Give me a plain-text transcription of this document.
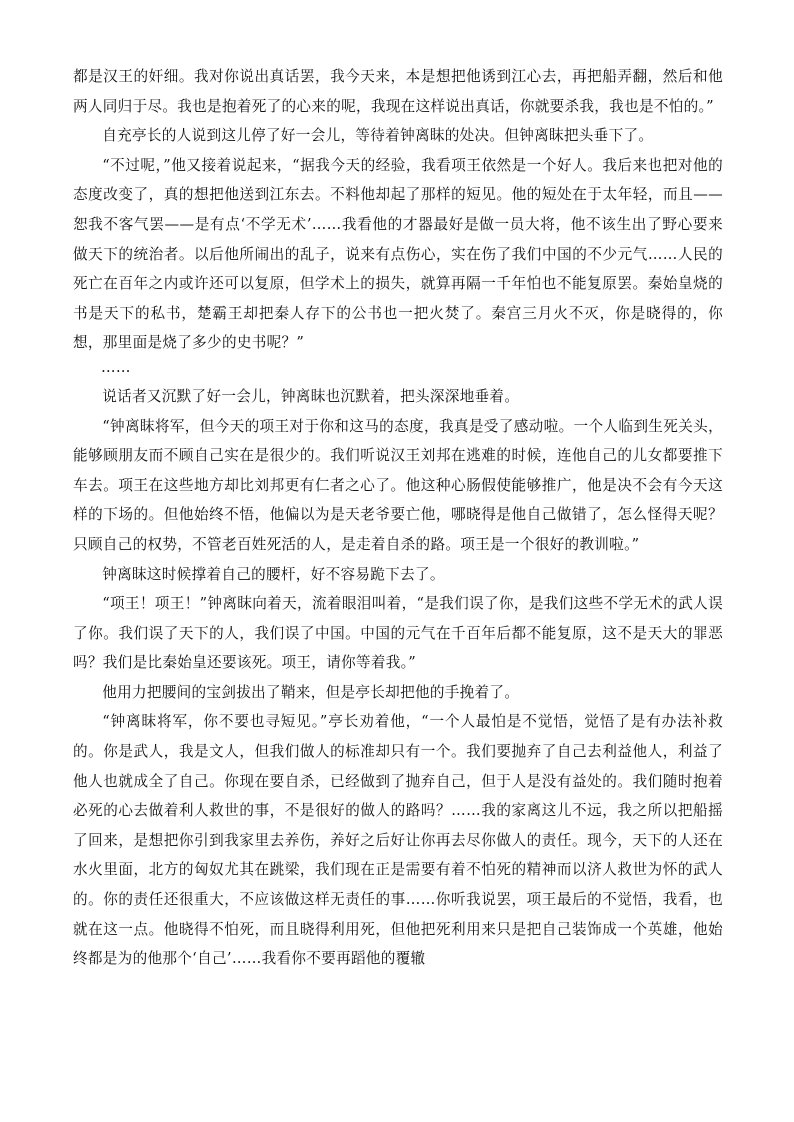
都是汉王的奸细。我对你说出真话罢，我今天来，本是想把他诱到江心去，再把船弄翻，然后和他两人同归于尽。我也是抱着死了的心来的呢，我现在这样说出真话，你就要杀我，我也是不怕的。”

自充亭长的人说到这儿停了好一会儿，等待着钟离眜的处决。但钟离眜把头垂下了。

“不过呢，”他又接着说起来，“据我今天的经验，我看项王依然是一个好人。我后来也把对他的态度改变了，真的想把他送到江东去。不料他却起了那样的短见。他的短处在于太年轻，而且——恕我不客气罢——是有点‘不学无术’……我看他的才器最好是做一员大将，他不该生出了野心要来做天下的统治者。以后他所闹出的乱子，说来有点伤心，实在伤了我们中国的不少元气……人民的死亡在百年之内或许还可以复原，但学术上的损失，就算再隔一千年怕也不能复原罢。秦始皇烧的书是天下的私书，楚霸王却把秦人存下的公书也一把火焚了。秦宫三月火不灭，你是晓得的，你想，那里面是烧了多少的史书呢？”

……

说话者又沉默了好一会儿，钟离眜也沉默着，把头深深地垂着。

“钟离眜将军，但今天的项王对于你和这马的态度，我真是受了感动啦。一个人临到生死关头，能够顾朋友而不顾自己实在是很少的。我们听说汉王刘邦在逃难的时候，连他自己的儿女都要推下车去。项王在这些地方却比刘邦更有仁者之心了。他这种心肠假使能够推广，他是决不会有今天这样的下场的。但他始终不悟，他偏以为是天老爷要亡他，哪晓得是他自己做错了，怎么怪得天呢？只顾自己的权势，不管老百姓死活的人，是走着自杀的路。项王是一个很好的教训啦。”

钟离眜这时候撑着自己的腰杆，好不容易跪下去了。

“项王！项王！”钟离眜向着天，流着眼泪叫着，“是我们误了你，是我们这些不学无术的武人误了你。我们误了天下的人，我们误了中国。中国的元气在千百年后都不能复原，这不是天大的罪恶吗？我们是比秦始皇还要该死。项王，请你等着我。”

他用力把腰间的宝剑拔出了鞘来，但是亭长却把他的手挽着了。

“钟离眜将军，你不要也寻短见。”亭长劝着他，“一个人最怕是不觉悟，觉悟了是有办法补救的。你是武人，我是文人，但我们做人的标准却只有一个。我们要抛弃了自己去利益他人，利益了他人也就成全了自己。你现在要自杀，已经做到了抛弃自己，但于人是没有益处的。我们随时抱着必死的心去做着利人救世的事，不是很好的做人的路吗？……我的家离这儿不远，我之所以把船摇了回来，是想把你引到我家里去养伤，养好之后好让你再去尽你做人的责任。现今，天下的人还在水火里面，北方的匈奴尤其在跳梁，我们现在正是需要有着不怕死的精神而以济人救世为怀的武人的。你的责任还很重大，不应该做这样无责任的事……你听我说罢，项王最后的不觉悟，我看，也就在这一点。他晓得不怕死，而且晓得利用死，但他把死利用来只是把自己装饰成一个英雄，他始终都是为的他那个‘自己’……我看你不要再蹈他的覆辙
